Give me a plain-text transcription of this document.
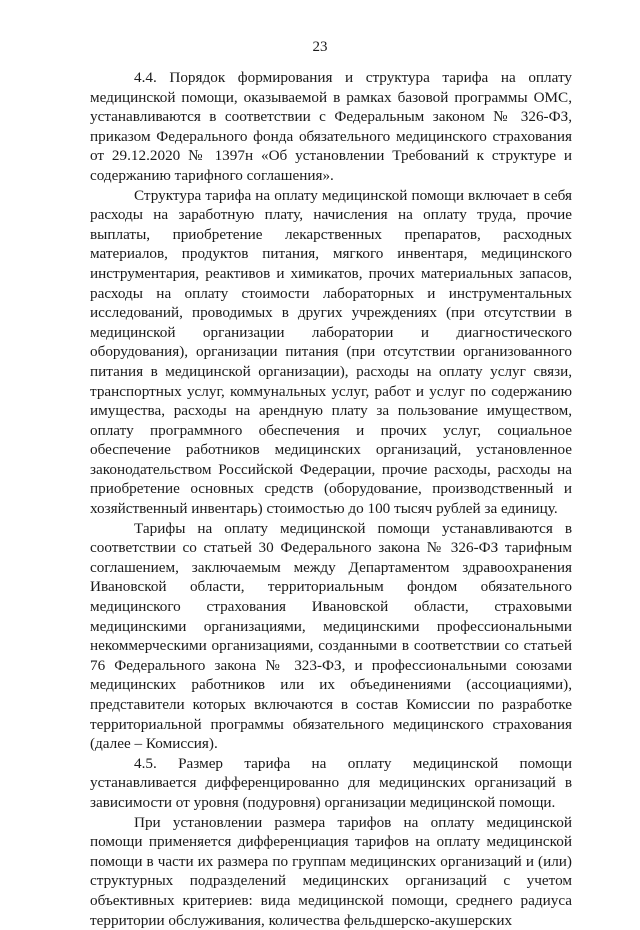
23

4.4. Порядок формирования и структура тарифа на оплату медицинской помощи, оказываемой в рамках базовой программы ОМС, устанавливаются в соответствии с Федеральным законом № 326-ФЗ, приказом Федерального фонда обязательного медицинского страхования от 29.12.2020 № 1397н «Об установлении Требований к структуре и содержанию тарифного соглашения».

Структура тарифа на оплату медицинской помощи включает в себя расходы на заработную плату, начисления на оплату труда, прочие выплаты, приобретение лекарственных препаратов, расходных материалов, продуктов питания, мягкого инвентаря, медицинского инструментария, реактивов и химикатов, прочих материальных запасов, расходы на оплату стоимости лабораторных и инструментальных исследований, проводимых в других учреждениях (при отсутствии в медицинской организации лаборатории и диагностического оборудования), организации питания (при отсутствии организованного питания в медицинской организации), расходы на оплату услуг связи, транспортных услуг, коммунальных услуг, работ и услуг по содержанию имущества, расходы на арендную плату за пользование имуществом, оплату программного обеспечения и прочих услуг, социальное обеспечение работников медицинских организаций, установленное законодательством Российской Федерации, прочие расходы, расходы на приобретение основных средств (оборудование, производственный и хозяйственный инвентарь) стоимостью до 100 тысяч рублей за единицу.

Тарифы на оплату медицинской помощи устанавливаются в соответствии со статьей 30 Федерального закона № 326-ФЗ тарифным соглашением, заключаемым между Департаментом здравоохранения Ивановской области, территориальным фондом обязательного медицинского страхования Ивановской области, страховыми медицинскими организациями, медицинскими профессиональными некоммерческими организациями, созданными в соответствии со статьей 76 Федерального закона № 323-ФЗ, и профессиональными союзами медицинских работников или их объединениями (ассоциациями), представители которых включаются в состав Комиссии по разработке территориальной программы обязательного медицинского страхования (далее – Комиссия).

4.5. Размер тарифа на оплату медицинской помощи устанавливается дифференцированно для медицинских организаций в зависимости от уровня (подуровня) организации медицинской помощи.

При установлении размера тарифов на оплату медицинской помощи применяется дифференциация тарифов на оплату медицинской помощи в части их размера по группам медицинских организаций и (или) структурных подразделений медицинских организаций с учетом объективных критериев: вида медицинской помощи, среднего радиуса территории обслуживания, количества фельдшерско-акушерских
